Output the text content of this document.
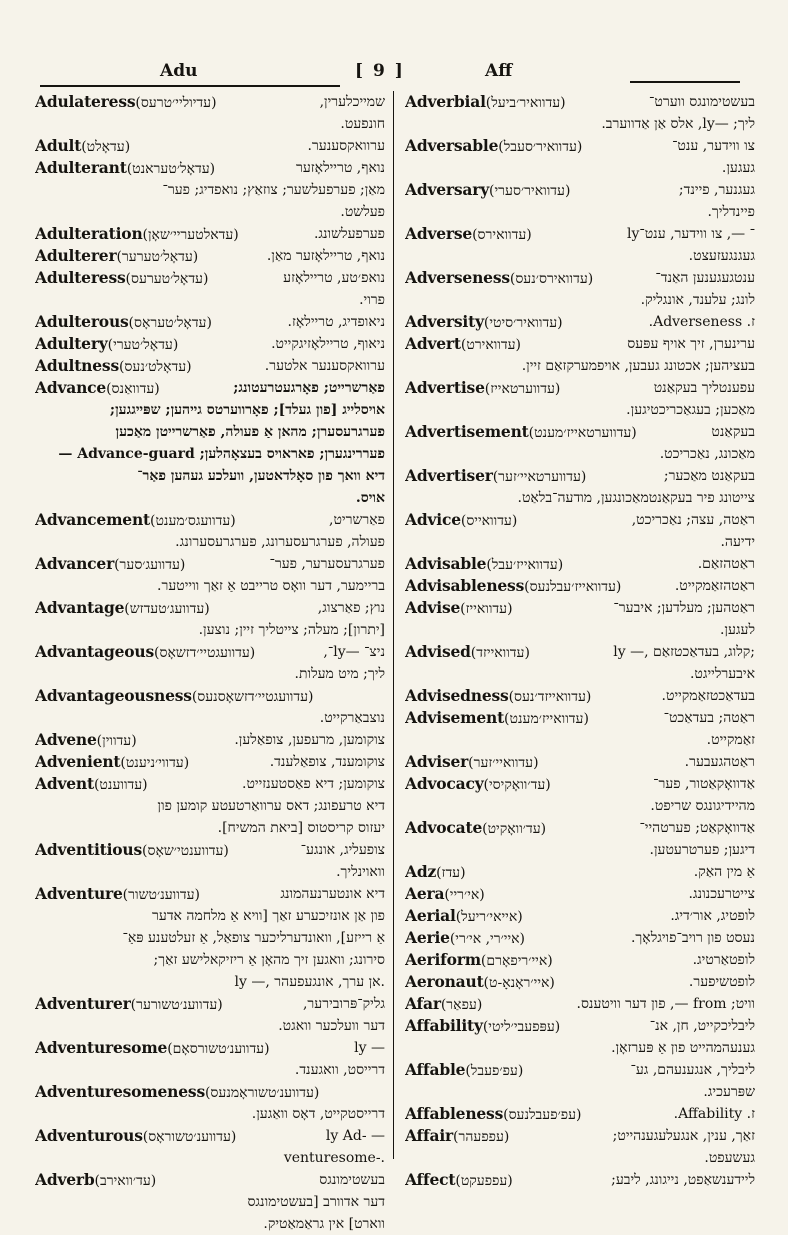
Adu	[ 9 ]	Aff
Adulateress (עדיוליי׳טרעס)	שמייכלערין,
חונפעט.
Adult (עדאָלט)	ערוואקסענער.
Adulterant (עדאָל׳טעראנט)	נואף, טריילאָזער
מאַן; פערפעלשער; צוזאַץ; נואפדיג; פער־
פעלשט.
Adulteration (עדאלטעריי׳שאָן)	פערפעלשונג.
Adulterer (עדאָל׳טערער)	נואף, טריילאָזער מאַן.
Adulteress (עדאָל׳טערעס)	נואפ׳טע, טריילאָזע
פרוי.
Adulterous (עדאָל׳טעראָס)	ניאופדיג, טריילאָז.
Adultery (עדאָל׳טערי)	ניאוף, טריילאָזיגקייט.
Adultness (עדאָלט׳נעס)	ערוואקסענער אלטער.
Advance (עדוואַנס)	פאַרשרייט; פאָרגעטרעטונג;
אויסלייג [פון געלד]; פאָרווערטס גײהען; שפּײגגען;
פערגרעסערן; מהאן אַ פעולה, פאַרשרייטן מאַכען
פעררינגערן; פאראויס בעצאָהלען; Advance-guard —
דיא וואך פון סאָלדאטען, וועלכע געהען פאַר־
אויס.
Advancement (עדוועגס׳מענט)	פאַרשריט,
פעולה, פערגרעסערונג, פערגרעסערונג.
Advancer (עדוועג׳סער)	פערגרעסערער, פער־
בריימער, דער וואָס טרייבט אַ זאַך ווייטער.
Advantage (עדוועג׳טעדזש)	נוץ; פאַרצוג,
[יתרון]; מעלה; צייטליך זיין; נוצען.
Advantageous (עדוועגטיי׳דזשאָס)	ניצ־ —ly־,
ליך; מיט מעלות.
Advantageousness (עדוועגטיי׳דזשאָסנעס)
נוצבאַרקייט.
Advene (עדווין)	צוקומען, מרעפען, צופאַלען.
Advenient (עדווי׳ניענט)	צוקומענד, צופאַלענד.
Advent (עדווענט)	צוקומען; דיא פאַסטענזייט.
דיא טרעפונג; דאס ערוואַרטעטע קומען פון
יעזוס קריסטוס [ביאת המשיח].
Adventitious (עדווענטי׳שאָס)	צופעליג, אונגע־
וואוינליך.
Adventure (עדווענ׳טשור)	דיא אונטערנעהמונג
פון אַן אונזיכערע זאַך [וויא אַ מלחמה אדער
אַ רייזע], וואונדערליכער צופאַל, אַ זעלטענע פּאַ־
סירונג; וואגען זיך מהאָן אַ ריזיקאלישע זאַך;
ly —, אן ערך, אונגעפעהר.
Adventurer (עדווענ׳טשורער)	גליק־פּרובירער,
דער וועלכער וואגט.
Adventuresome (עדווענ׳טשורסאָם)	ly —
דרייסט, וואגענד.
Adventuresomeness (עדווענ׳טשוראָמנעס)
דרייסטקייט, דאָס וואַגען.
Adventurous (עדווענ׳טשוראָס)	ly Ad- —
venturesome-.
Adverb (עד׳וואירב)	בעשטימונגס
דער אדוורב [בעשטימונגס
ווארט] אין גראַמאַטיק.
Adverbial (עדוואיר׳ביעל)	בעשטימונגס ווערט־
ליך; —ly, אלס אַן אַדווערב.
Adversable (עדוואיר׳סעבל)	צו ווידער, ענט־
געגען.
Adversary (עדוואיר׳סערי)	געגנער, פיינד;
פיינדליך.
Adverse (עדוואירס)	ly־ —, צו ווידער, ענט־
געגנגעזעצט.
Adverseness (עדוואירס׳נעס)	ענטגעגענען האַנד־
לונג; עלענד, אונגליק.
Adversity (עדוואיר׳סיטי)	ז. Adverseness.
Advert (עדוואירט)	ערינערן, זיך אויף עפּעס
בעציהען; אכטונג געבען, אויפמערקזאַם זיין.
Advertise (עדווערטאייז)	עפענטליך בעקאַנט
מאַכען; בעגאַכריכטיגען.
Advertisement (עדווערטאייז׳מענט)	בעקאַנט
מאַכונג, נאַכריכט.
Advertiser (עדווערטאיי׳זער)	בעקאַנט מאַכער;
צייטונג פיר בעקאַנטמאַכונגען, מודעה־בלאַט.
Advice (עדוואייס)	ראַטה, עצה; נאַכריכט,
ידיעה.
Advisable (עדוואייז׳עבל)	ראַטהזאַם.
Advisableness (עדוואייז׳עבלנעס)	ראַטהזאַמקייט.
Advise (עדוואייז)	ראַטהען; מעלדען; איבער־
לעגען.
Advised (עדוואייזד)	ly —, קלוג, בעדאַכטזאַם;
איבערלייגט.
Advisedness (עדוואייזד׳נעס)	בעדאַכטזאַמקייט.
Advisement (עדוואייז׳מענט)	ראַטה; בעדאַכט־
זאַמקייט.
Adviser (עדוואיי׳זער)	ראַטהגעבער.
Advocacy (עד׳וואָקיסי)	אַדוואָקאַטור, פער־
מהיידיגונגס שריפט.
Advocate (עד׳וואָקיט)	אַדוואָקאַט; פערטהיי־
דיגען; פערטרעטען.
Adz (עדז)	אַ מין האַק.
Aera (אי׳ריי)	צייטרעכנונג.
Aerial (אייאי׳ריעל)	לופטיג, אור׳דיג.
Aerie (איי׳רי, אי׳רי)	נעסט פון רויב־פויגלאָך.
Aeriform (איי׳ריפאָרם)	לופטאַרטיג.
Aeronaut (איי׳ראָנאָ-ט)	לופטשיפער.
Afar (עפאַר)	וויט; from —, פון דער וויטענס.
Affability (עפּפעבי׳ליטי)	ליבליכקייט, חן, אנ־
גענעהמהייט פון אַ פּערזאָן.
Affable (עפ׳פעבל)	ליבליך, אנגענעהם, גע־
שפּרעכיג.
Affableness (עפ׳פעבלנעס)	ז. Affability.
Affair (עפפעהר)	זאַך, ענין, אנגעלעגענהייט;
געשעפט.
Affect (עפפעקט)	ליידענשאַפט, נייגונג, ליבע;
